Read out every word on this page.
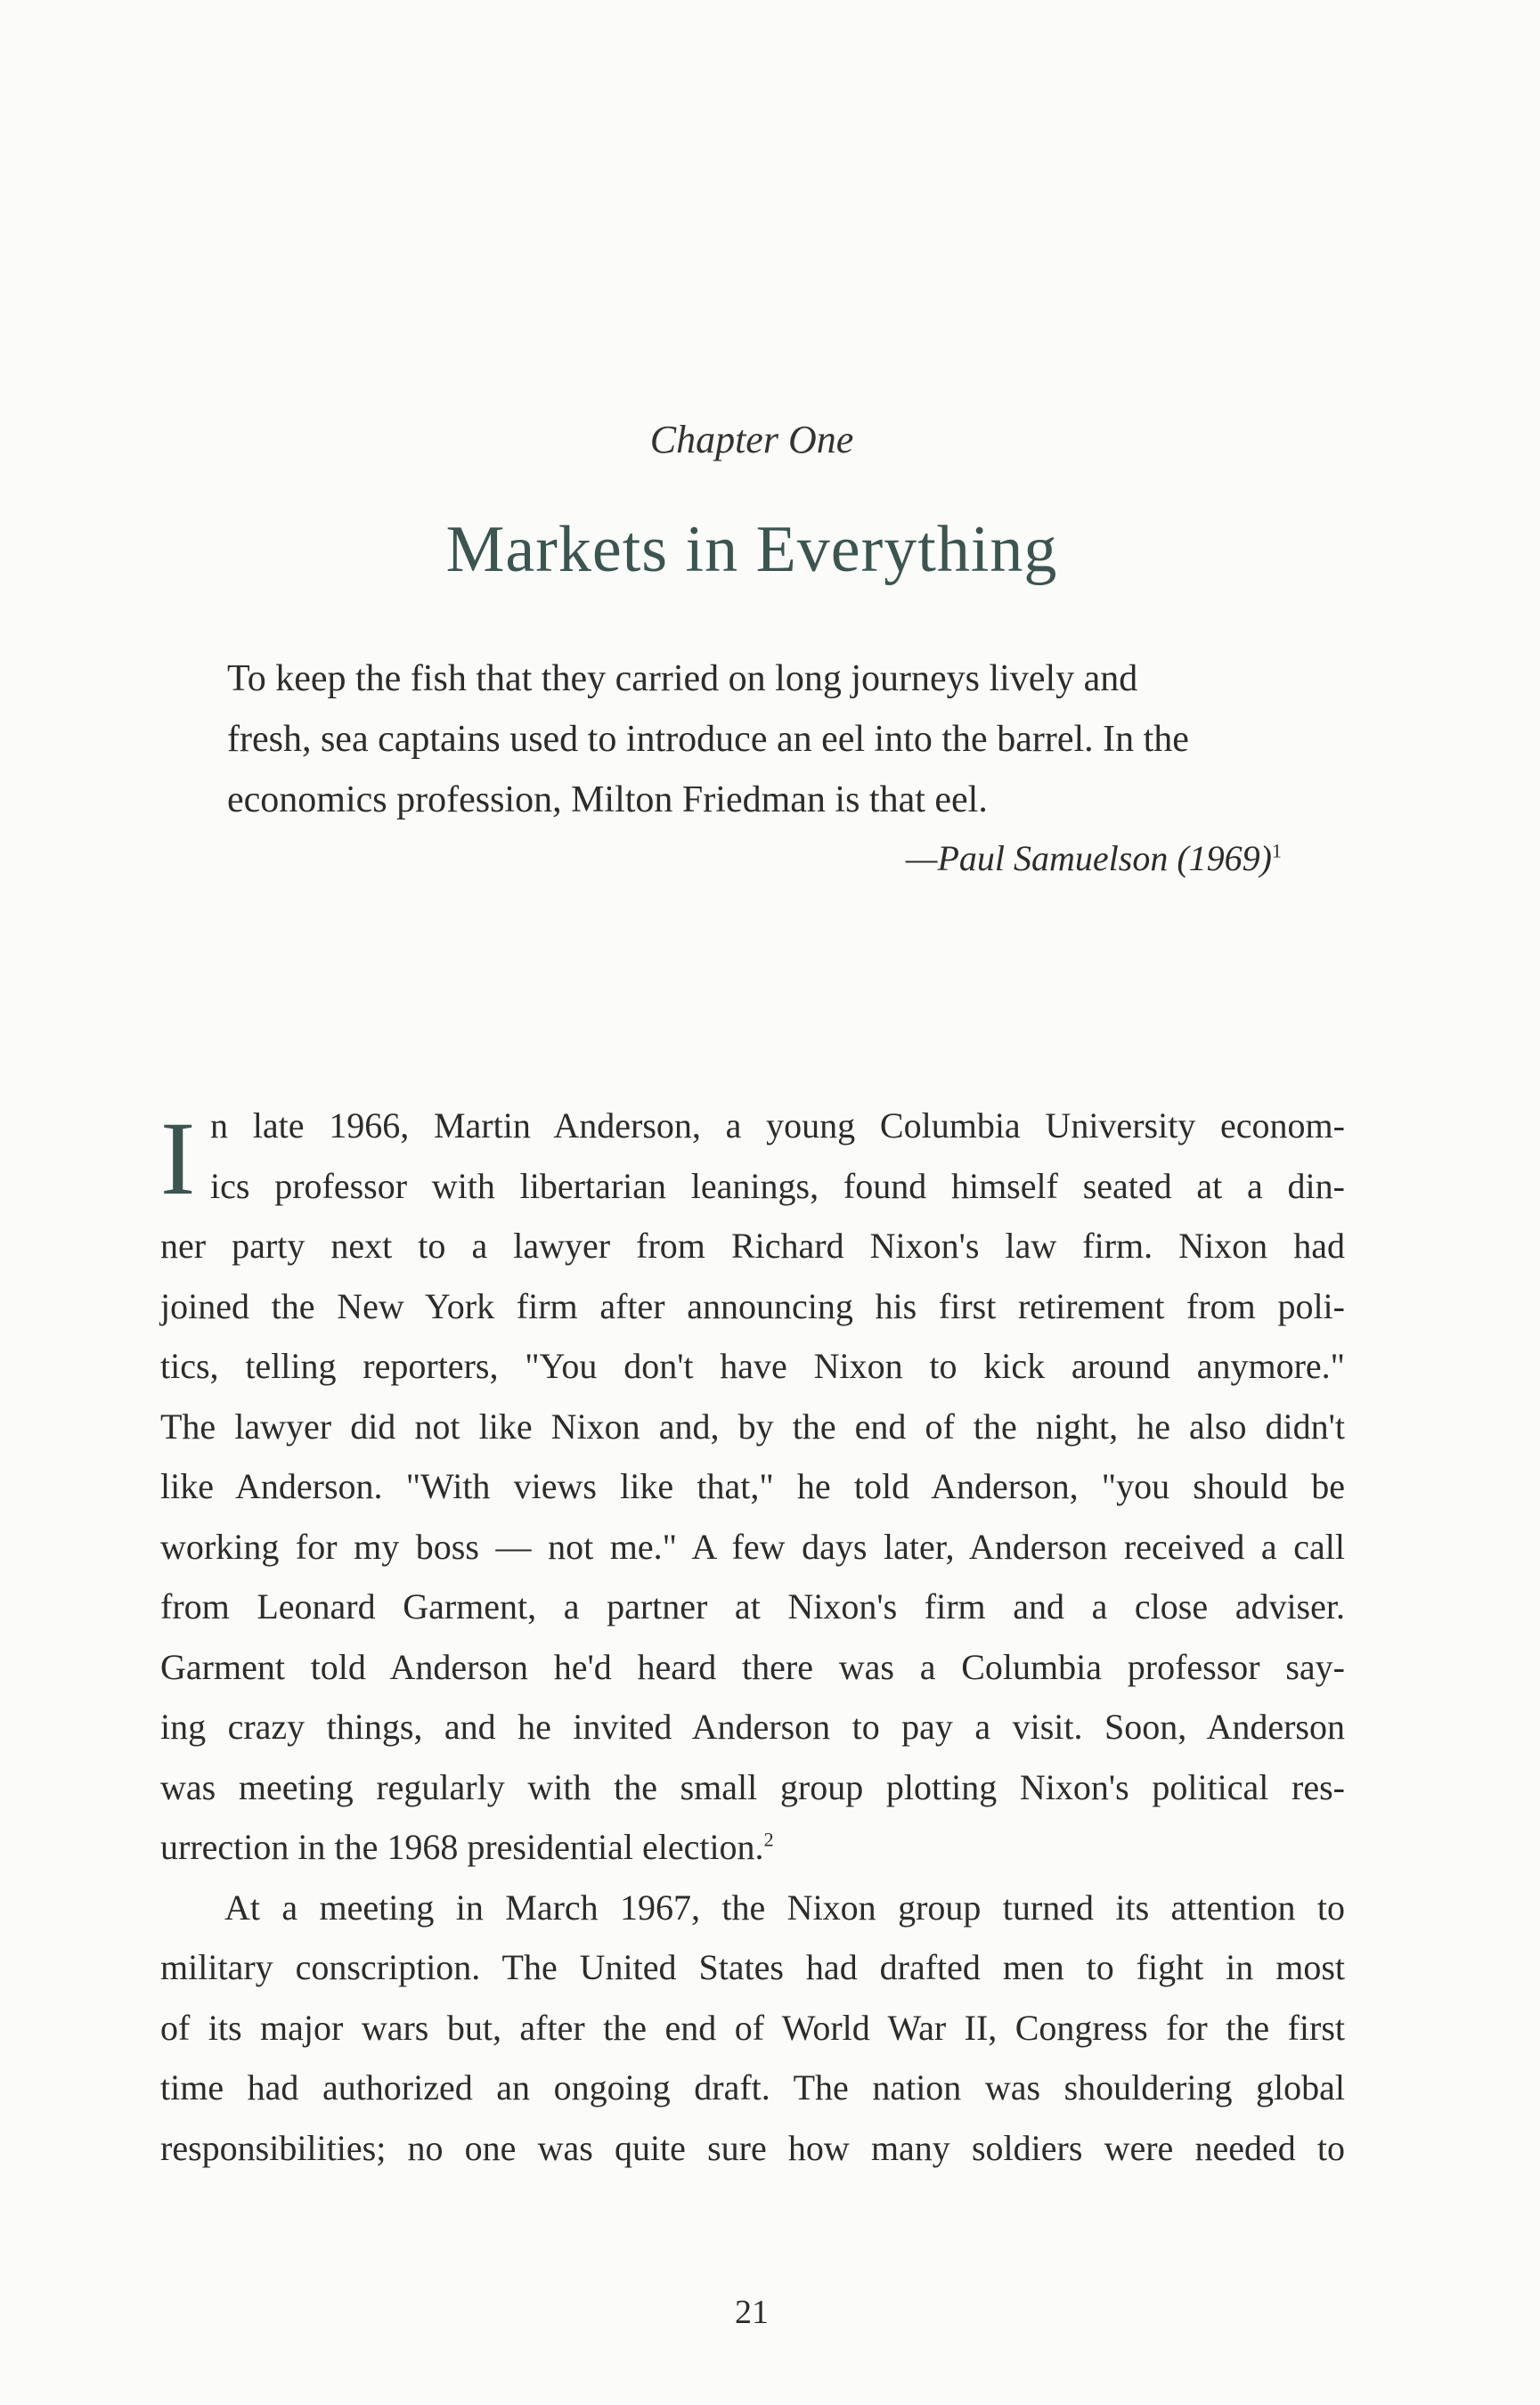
Chapter One
Markets in Everything
To keep the fish that they carried on long journeys lively and
fresh, sea captains used to introduce an eel into the barrel. In the
economics profession, Milton Friedman is that eel.
—Paul Samuelson $(1969)^1$
I n late 1966, Martin Anderson, a young Columbia University econom-
ics professor with libertarian leanings, found himself seated at a din-
ner party next to a lawyer from Richard Nixon's law firm. Nixon had
joined the New York firm after announcing his first retirement from poli-
tics, telling reporters, "You don't have Nixon to kick around anymore."
The lawyer did not like Nixon and, by the end of the night, he also didn't
like Anderson. "With views like that," he told Anderson, "you should be
working for my boss — not me." A few days later, Anderson received a call
from Leonard Garment, a partner at Nixon's firm and a close adviser.
Garment told Anderson he'd heard there was a Columbia professor say-
ing crazy things, and he invited Anderson to pay a visit. Soon, Anderson
was meeting regularly with the small group plotting Nixon's political res-
urrection in the 1968 presidential election.$^2$
At a meeting in March 1967, the Nixon group turned its attention to
military conscription. The United States had drafted men to fight in most
of its major wars but, after the end of World War II, Congress for the first
time had authorized an ongoing draft. The nation was shouldering global
responsibilities; no one was quite sure how many soldiers were needed to
21
